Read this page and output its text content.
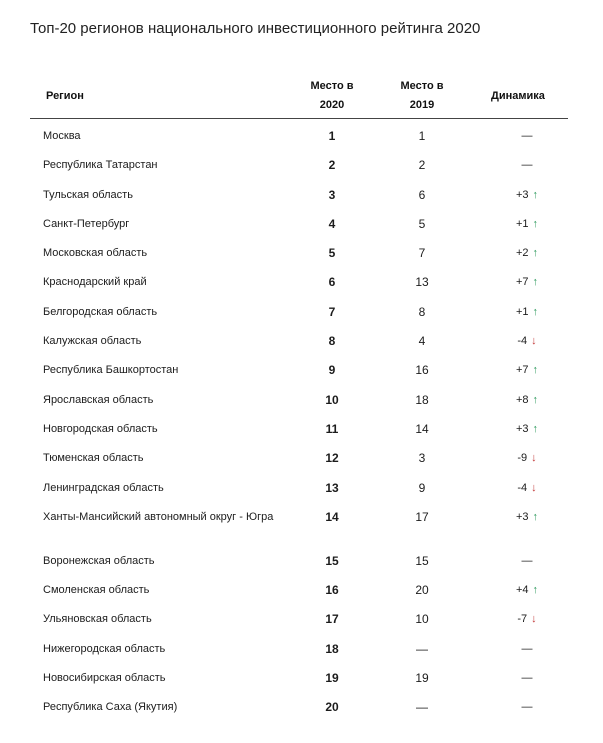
Топ-20 регионов национального инвестиционного рейтинга 2020
Регион
Место в
2020
Место в
2019
Динамика
Москва	1	1	—
Республика Татарстан	2	2	—
Тульская область	3	6	+3 ↑
Санкт-Петербург	4	5	+1 ↑
Московская область	5	7	+2 ↑
Краснодарский край	6	13	+7 ↑
Белгородская область	7	8	+1 ↑
Калужская область	8	4	-4 ↓
Республика Башкортостан	9	16	+7 ↑
Ярославская область	10	18	+8 ↑
Новгородская область	11	14	+3 ↑
Тюменская область	12	3	-9 ↓
Ленинградская область	13	9	-4 ↓
Ханты-Мансийский автономный округ - Югра	14	17	+3 ↑
Воронежская область	15	15	—
Смоленская область	16	20	+4 ↑
Ульяновская область	17	10	-7 ↓
Нижегородская область	18	—	—
Новосибирская область	19	19	—
Республика Саха (Якутия)	20	—	—
